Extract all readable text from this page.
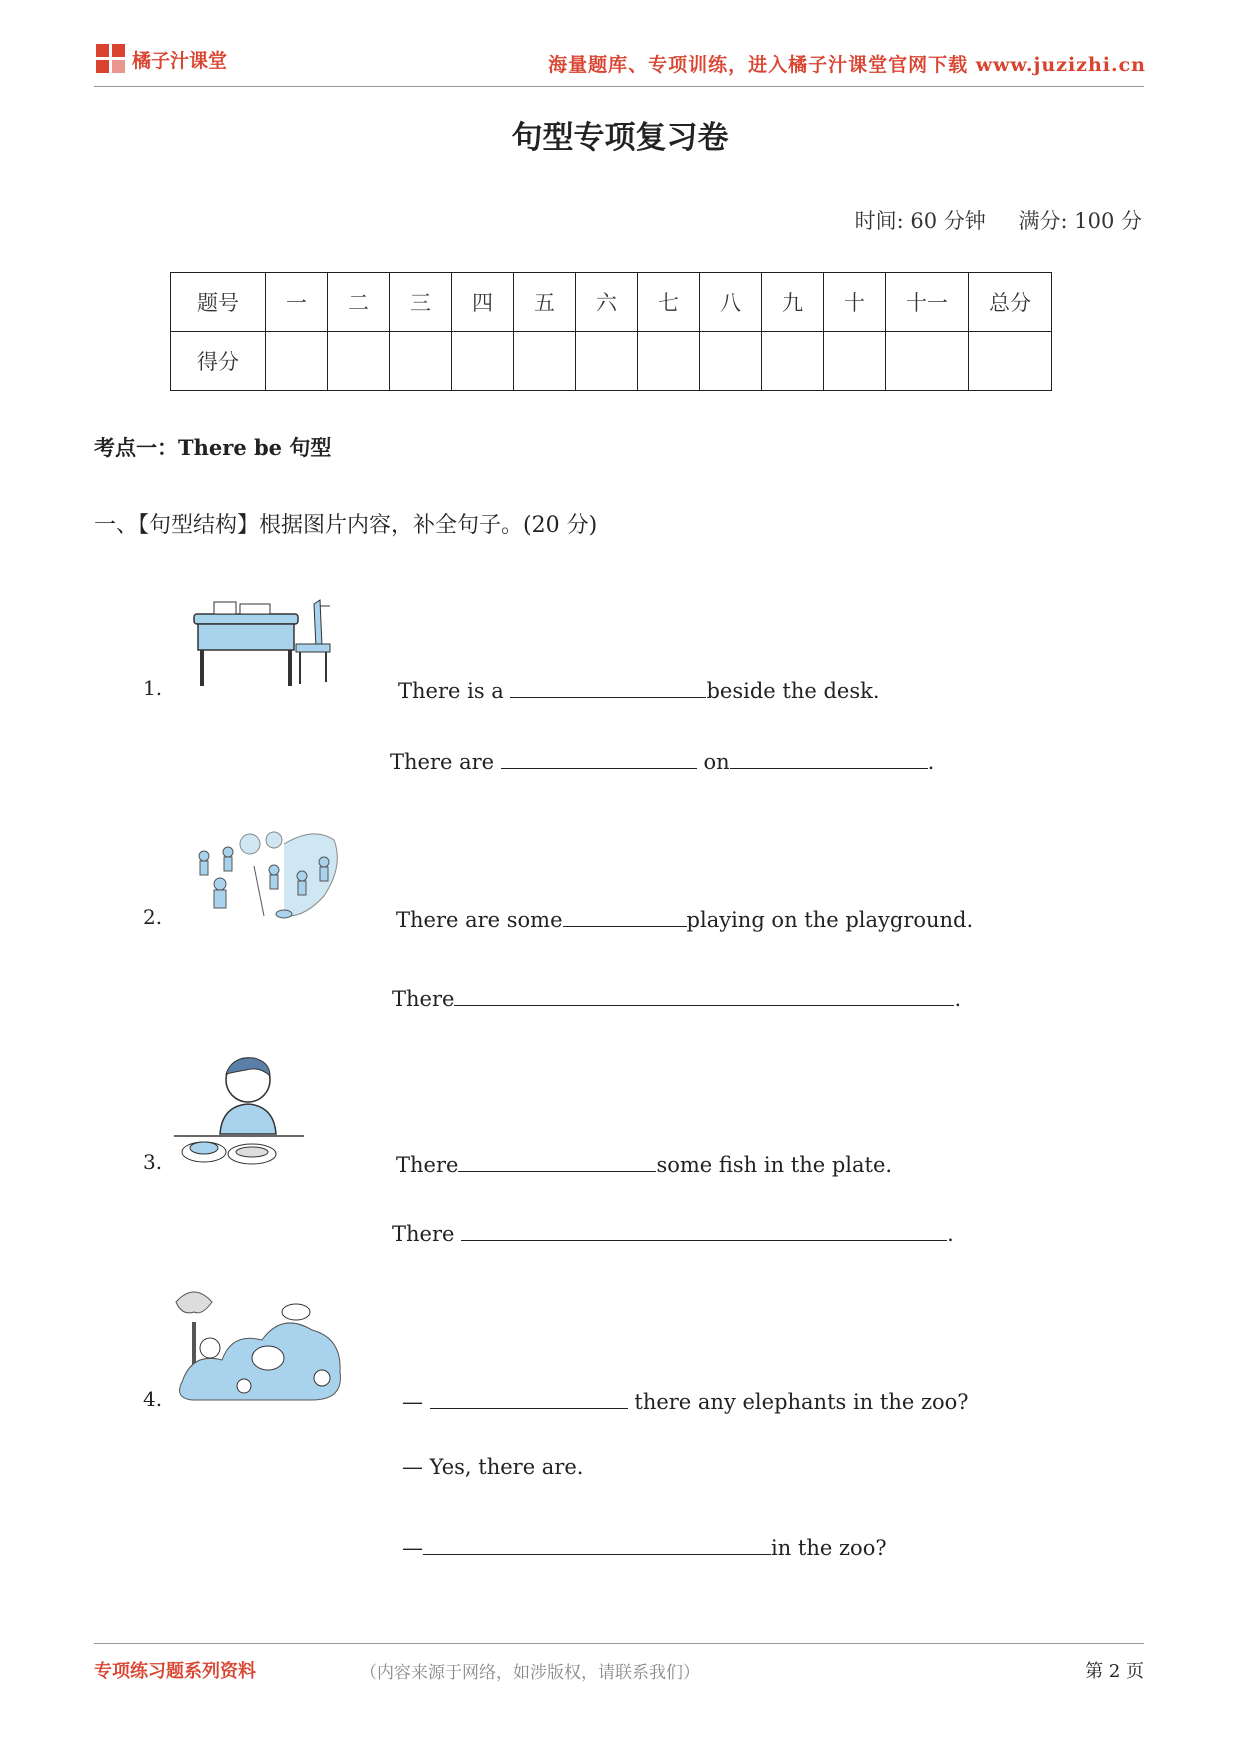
橘子汁课堂	海量题库、专项训练，进入橘子汁课堂官网下载 www.juzizhi.cn
句型专项复习卷
时间: 60 分钟 满分: 100 分
题号	一	二	三	四	五	六	七	八	九	十	十一	总分
得分												
考点一：There be 句型
一、【句型结构】根据图片内容，补全句子。(20 分)
1.	There is a	beside the desk.
There are	on	.
2.	There are some	playing on the playground.
There	.
3.	There	some fish in the plate.
There	.
4.	—	there any elephants in the zoo?
— Yes, there are.
—	in the zoo?
专项练习题系列资料	（内容来源于网络，如涉版权，请联系我们）	第 2 页
